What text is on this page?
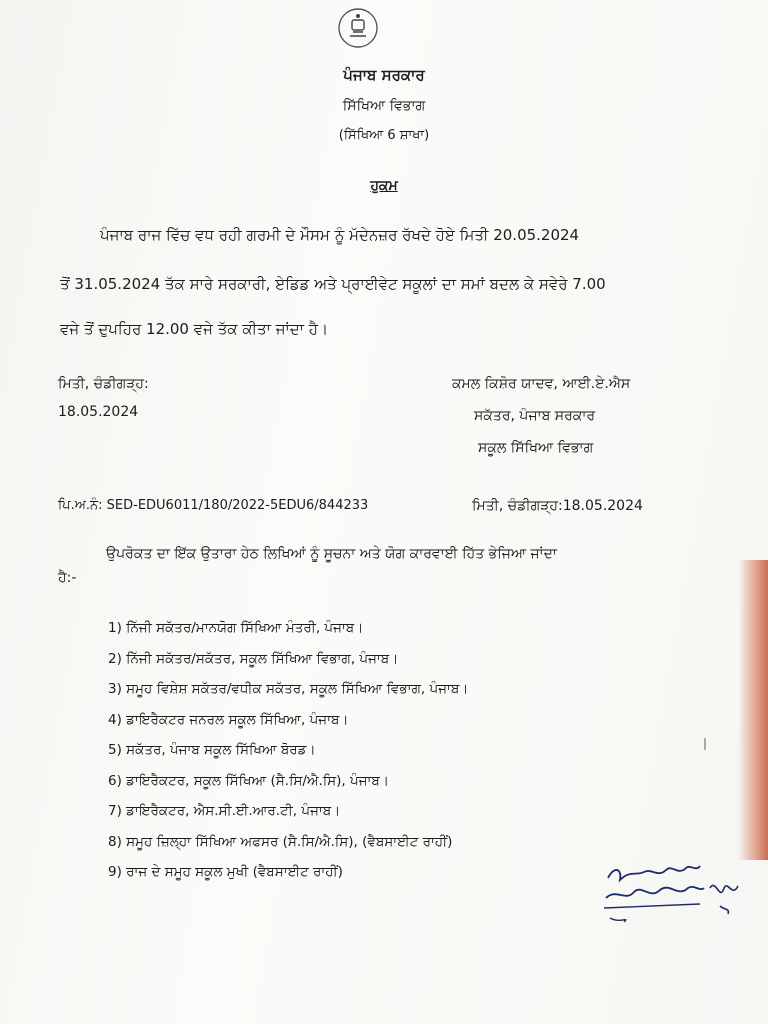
ਪੰਜਾਬ ਸਰਕਾਰ
ਸਿੱਖਿਆ ਵਿਭਾਗ
(ਸਿੱਖਿਆ 6 ਸ਼ਾਖਾ)
ਹੁਕਮ
ਪੰਜਾਬ ਰਾਜ ਵਿੱਚ ਵਧ ਰਹੀ ਗਰਮੀ ਦੇ ਮੌਸਮ ਨੂੰ ਮੱਦੇਨਜ਼ਰ ਰੱਖਦੇ ਹੋਏ ਮਿਤੀ 20.05.2024
ਤੋਂ 31.05.2024 ਤੱਕ ਸਾਰੇ ਸਰਕਾਰੀ, ਏਡਿਡ ਅਤੇ ਪ੍ਰਾਈਵੇਟ ਸਕੂਲਾਂ ਦਾ ਸਮਾਂ ਬਦਲ ਕੇ ਸਵੇਰੇ 7.00
ਵਜੇ ਤੋਂ ਦੁਪਹਿਰ 12.00 ਵਜੇ ਤੱਕ ਕੀਤਾ ਜਾਂਦਾ ਹੈ।
ਮਿਤੀ, ਚੰਡੀਗੜ੍ਹ:
18.05.2024
ਕਮਲ ਕਿਸ਼ੋਰ ਯਾਦਵ, ਆਈ.ਏ.ਐਸ
ਸਕੱਤਰ, ਪੰਜਾਬ ਸਰਕਾਰ
ਸਕੂਲ ਸਿੱਖਿਆ ਵਿਭਾਗ
ਪਿ.ਅ.ਨੰ: SED-EDU6011/180/2022-5EDU6/844233	ਮਿਤੀ, ਚੰਡੀਗੜ੍ਹ:18.05.2024
ਉਪਰੋਕਤ ਦਾ ਇੱਕ ਉਤਾਰਾ ਹੇਠ ਲਿਖਿਆਂ ਨੂੰ ਸੂਚਨਾ ਅਤੇ ਯੋਗ ਕਾਰਵਾਈ ਹਿੱਤ ਭੇਜਿਆ ਜਾਂਦਾ
ਹੈ:-
1) ਨਿੱਜੀ ਸਕੱਤਰ/ਮਾਨਯੋਗ ਸਿੱਖਿਆ ਮੰਤਰੀ, ਪੰਜਾਬ।
2) ਨਿੱਜੀ ਸਕੱਤਰ/ਸਕੱਤਰ, ਸਕੂਲ ਸਿੱਖਿਆ ਵਿਭਾਗ, ਪੰਜਾਬ।
3) ਸਮੂਹ ਵਿਸ਼ੇਸ਼ ਸਕੱਤਰ/ਵਧੀਕ ਸਕੱਤਰ, ਸਕੂਲ ਸਿੱਖਿਆ ਵਿਭਾਗ, ਪੰਜਾਬ।
4) ਡਾਇਰੈਕਟਰ ਜਨਰਲ ਸਕੂਲ ਸਿੱਖਿਆ, ਪੰਜਾਬ।
5) ਸਕੱਤਰ, ਪੰਜਾਬ ਸਕੂਲ ਸਿੱਖਿਆ ਬੋਰਡ।
6) ਡਾਇਰੈਕਟਰ, ਸਕੂਲ ਸਿੱਖਿਆ (ਸੈ.ਸਿ/ਐ.ਸਿ), ਪੰਜਾਬ।
7) ਡਾਇਰੈਕਟਰ, ਐਸ.ਸੀ.ਈ.ਆਰ.ਟੀ, ਪੰਜਾਬ।
8) ਸਮੂਹ ਜ਼ਿਲ੍ਹਾ ਸਿੱਖਿਆ ਅਫਸਰ (ਸੈ.ਸਿ/ਐ.ਸਿ), (ਵੈਬਸਾਈਟ ਰਾਹੀਂ)
9) ਰਾਜ ਦੇ ਸਮੂਹ ਸਕੂਲ ਮੁਖੀ (ਵੈਬਸਾਈਟ ਰਾਹੀਂ)
